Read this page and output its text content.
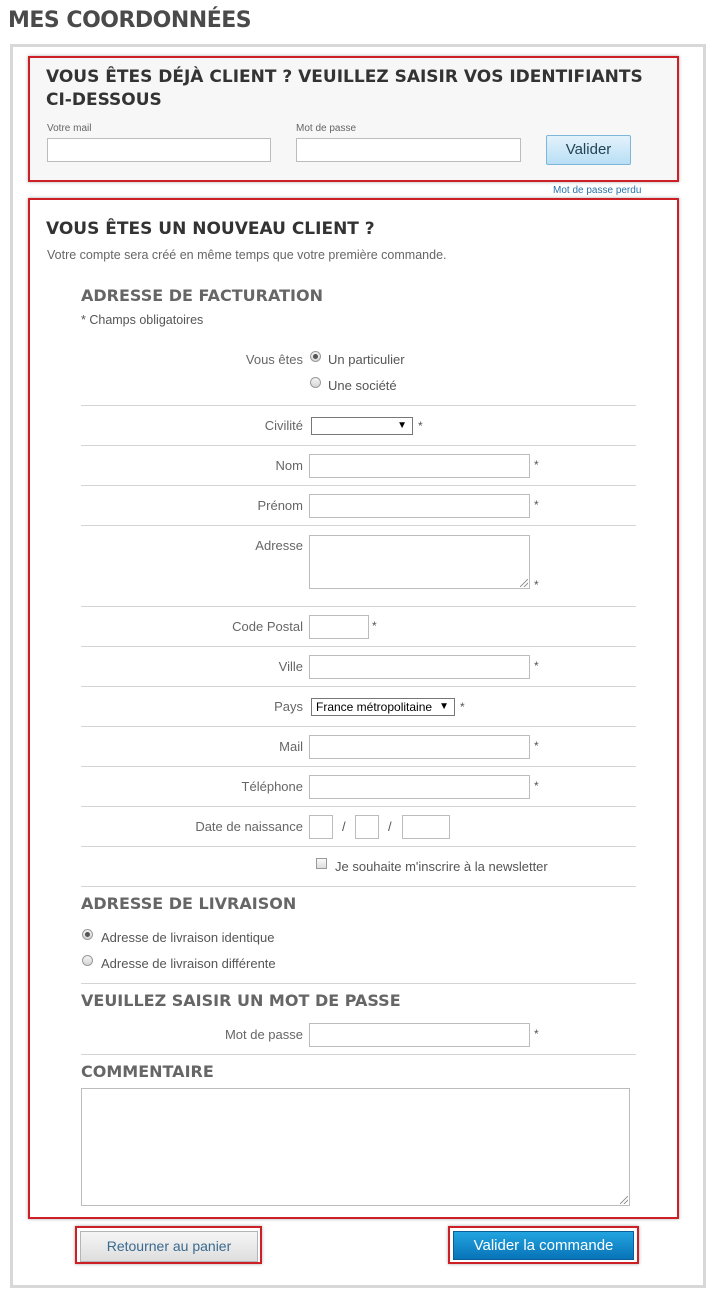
MES COORDONNÉES
VOUS ÊTES DÉJÀ CLIENT ? VEUILLEZ SAISIR VOS IDENTIFIANTS CI-DESSOUS
Votre mail	Mot de passe
Valider
Mot de passe perdu
VOUS ÊTES UN NOUVEAU CLIENT ?
Votre compte sera créé en même temps que votre première commande.
ADRESSE DE FACTURATION
* Champs obligatoires
Vous êtes Un particulier
Une société
Civilité	▼ *
Nom	*
Prénom	*
Adresse
*
Code Postal	*
Ville	*
Pays	France métropolitaine ▼ *
Mail	*
Téléphone	*
Date de naissance	/	/
Je souhaite m'inscrire à la newsletter
ADRESSE DE LIVRAISON
Adresse de livraison identique
Adresse de livraison différente
VEUILLEZ SAISIR UN MOT DE PASSE
Mot de passe	*
COMMENTAIRE
Retourner au panier	Valider la commande
